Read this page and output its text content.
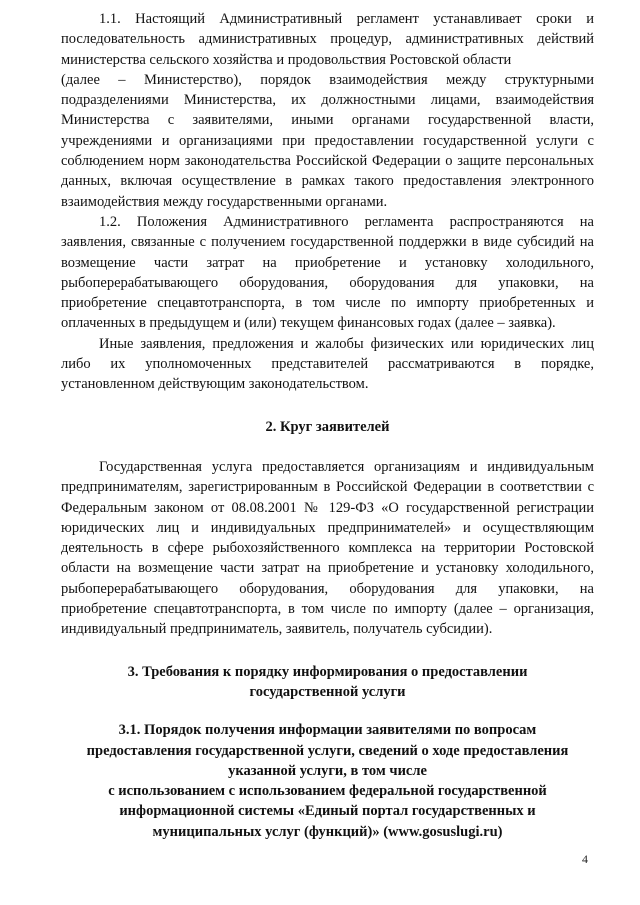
1.1. Настоящий Административный регламент устанавливает сроки и последовательность административных процедур, административных действий министерства сельского хозяйства и продовольствия Ростовской области

(далее – Министерство), порядок взаимодействия между структурными подразделениями Министерства, их должностными лицами, взаимодействия Министерства с заявителями, иными органами государственной власти, учреждениями и организациями при предоставлении государственной услуги с соблюдением норм законодательства Российской Федерации о защите персональных данных, включая осуществление в рамках такого предоставления электронного взаимодействия между государственными органами.

1.2. Положения Административного регламента распространяются на заявления, связанные с получением государственной поддержки в виде субсидий на возмещение части затрат на приобретение и установку холодильного, рыбоперерабатывающего оборудования, оборудования для упаковки, на приобретение спецавтотранспорта, в том числе по импорту приобретенных и оплаченных в предыдущем и (или) текущем финансовых годах (далее – заявка).

Иные заявления, предложения и жалобы физических или юридических лиц либо их уполномоченных представителей рассматриваются в порядке, установленном действующим законодательством.

2. Круг заявителей

Государственная услуга предоставляется организациям и индивидуальным предпринимателям, зарегистрированным в Российской Федерации в соответствии с Федеральным законом от 08.08.2001 № 129-ФЗ «О государственной регистрации юридических лиц и индивидуальных предпринимателей» и осуществляющим деятельность в сфере рыбохозяйственного комплекса на территории Ростовской области на возмещение части затрат на приобретение и установку холодильного, рыбоперерабатывающего оборудования, оборудования для упаковки, на приобретение спецавтотранспорта, в том числе по импорту (далее – организация, индивидуальный предприниматель, заявитель, получатель субсидии).

3. Требования к порядку информирования о предоставлении

государственной услуги

3.1. Порядок получения информации заявителями по вопросам

предоставления государственной услуги, сведений о ходе предоставления

указанной услуги, в том числе

с использованием с использованием федеральной государственной

информационной системы «Единый портал государственных и

муниципальных услуг (функций)» (www.gosuslugi.ru)

4
